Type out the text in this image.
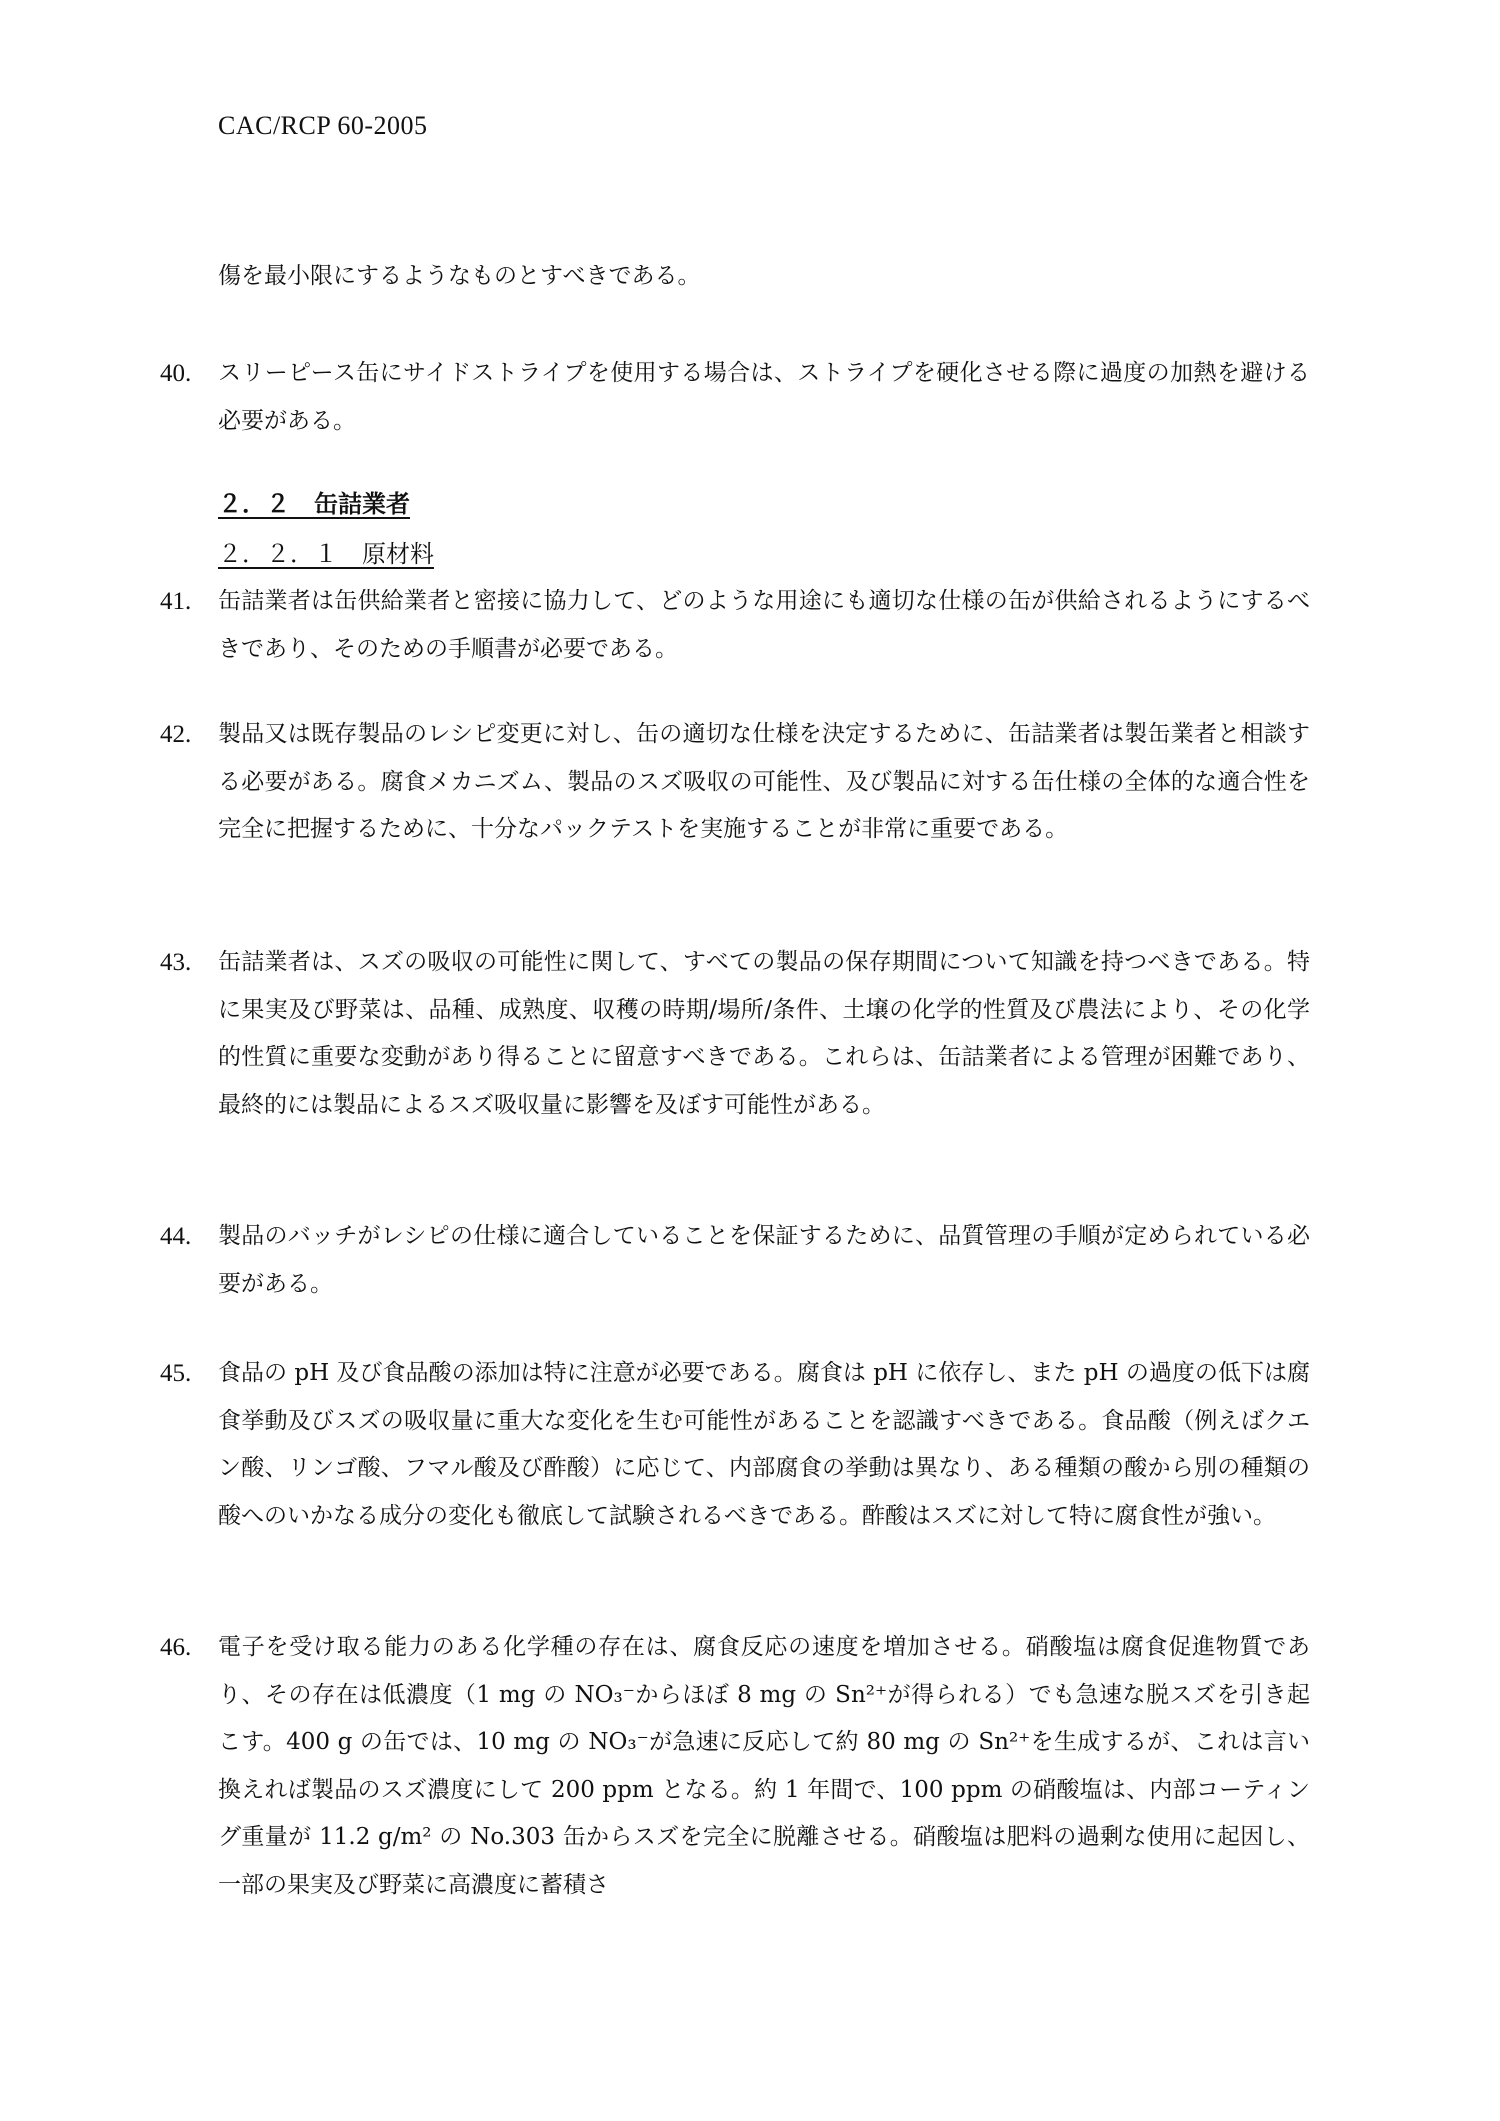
CAC/RCP 60-2005
傷を最小限にするようなものとすべきである。
40.	スリーピース缶にサイドストライプを使用する場合は、ストライプを硬化させる際に過度の加熱を避ける必要がある。
２．２　缶詰業者
２．２．１　原材料
41.	缶詰業者は缶供給業者と密接に協力して、どのような用途にも適切な仕様の缶が供給されるようにするべきであり、そのための手順書が必要である。
42.	製品又は既存製品のレシピ変更に対し、缶の適切な仕様を決定するために、缶詰業者は製缶業者と相談する必要がある。腐食メカニズム、製品のスズ吸収の可能性、及び製品に対する缶仕様の全体的な適合性を完全に把握するために、十分なパックテストを実施することが非常に重要である。
43.	缶詰業者は、スズの吸収の可能性に関して、すべての製品の保存期間について知識を持つべきである。特に果実及び野菜は、品種、成熟度、収穫の時期/場所/条件、土壌の化学的性質及び農法により、その化学的性質に重要な変動があり得ることに留意すべきである。これらは、缶詰業者による管理が困難であり、最終的には製品によるスズ吸収量に影響を及ぼす可能性がある。
44.	製品のバッチがレシピの仕様に適合していることを保証するために、品質管理の手順が定められている必要がある。
45.	食品の pH 及び食品酸の添加は特に注意が必要である。腐食は pH に依存し、また pH の過度の低下は腐食挙動及びスズの吸収量に重大な変化を生む可能性があることを認識すべきである。食品酸（例えばクエン酸、リンゴ酸、フマル酸及び酢酸）に応じて、内部腐食の挙動は異なり、ある種類の酸から別の種類の酸へのいかなる成分の変化も徹底して試験されるべきである。酢酸はスズに対して特に腐食性が強い。
46.	電子を受け取る能力のある化学種の存在は、腐食反応の速度を増加させる。硝酸塩は腐食促進物質であり、その存在は低濃度（1 mg の NO₃⁻からほぼ 8 mg の Sn²⁺が得られる）でも急速な脱スズを引き起こす。400 g の缶では、10 mg の NO₃⁻が急速に反応して約 80 mg の Sn²⁺を生成するが、これは言い換えれば製品のスズ濃度にして 200 ppm となる。約 1 年間で、100 ppm の硝酸塩は、内部コーティング重量が 11.2 g/m² の No.303 缶からスズを完全に脱離させる。硝酸塩は肥料の過剰な使用に起因し、一部の果実及び野菜に高濃度に蓄積さ
